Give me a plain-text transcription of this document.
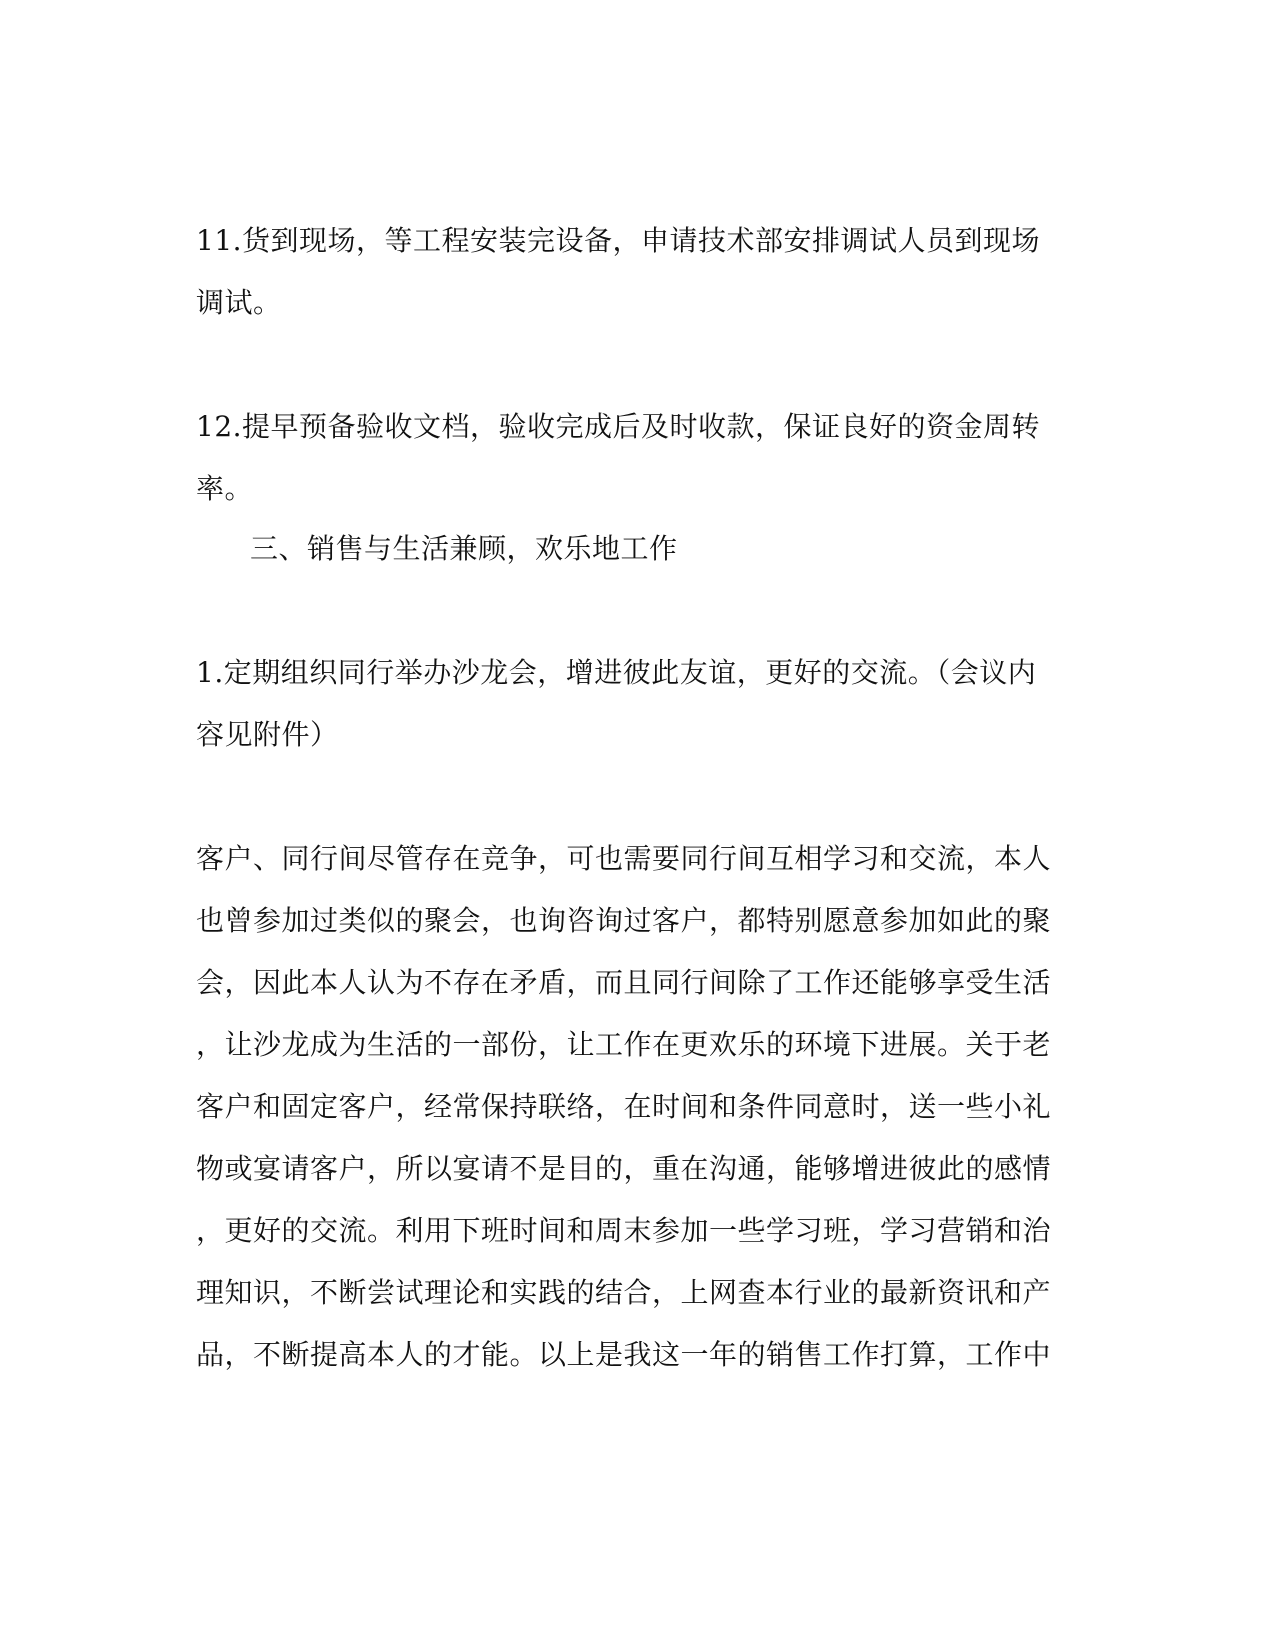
11.货到现场，等工程安装完设备，申请技术部安排调试人员到现场
调试。
12.提早预备验收文档，验收完成后及时收款，保证良好的资金周转
率。
三、销售与生活兼顾，欢乐地工作
1.定期组织同行举办沙龙会，增进彼此友谊，更好的交流。（会议内
容见附件）
客户、同行间尽管存在竞争，可也需要同行间互相学习和交流，本人
也曾参加过类似的聚会，也询咨询过客户，都特别愿意参加如此的聚
会，因此本人认为不存在矛盾，而且同行间除了工作还能够享受生活
，让沙龙成为生活的一部份，让工作在更欢乐的环境下进展。关于老
客户和固定客户，经常保持联络，在时间和条件同意时，送一些小礼
物或宴请客户，所以宴请不是目的，重在沟通，能够增进彼此的感情
，更好的交流。利用下班时间和周末参加一些学习班，学习营销和治
理知识，不断尝试理论和实践的结合，上网查本行业的最新资讯和产
品，不断提高本人的才能。以上是我这一年的销售工作打算，工作中
